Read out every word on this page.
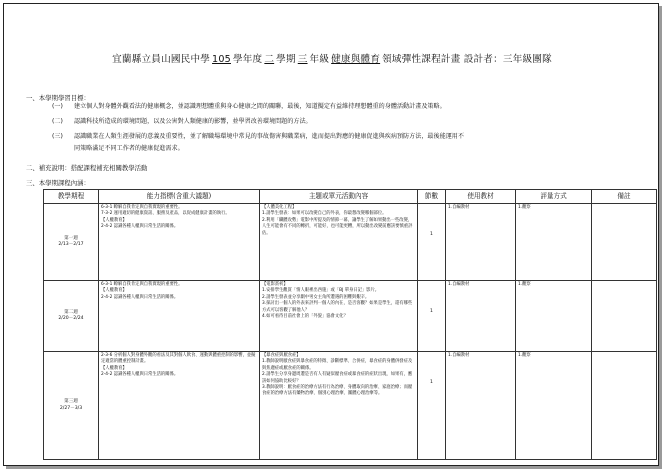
宜蘭縣立員山國民中學 105 學年度 二 學期 三 年級 健康與體育 領域彈性課程計畫 設計者：三年級團隊
一、本學期學習目標：
(一) 建立個人對身體外觀看法的健康概念，並認識理想體重與身心健康之間的關聯，最後，知道擬定有益維持理想體重的身體活動計畫及策略。
(二) 認識科技所造成的環境問題，以及公害對人類健康的影響，並學習改善環境問題的方法。
(三) 認識職業在人類生涯發展的意義及重要性，並了解職場環境中常見的事故傷害與職業病，進而提出對應的健康促進與疾病預防方法，最後能運用不
同策略滿足不同工作者的健康促進需求。
二、補充說明：搭配課程補充相關教學活動
三、本學期課程內涵：
教學期程	能力指標(含重大議題)	主題或單元活動內容	節數	使用教材	評量方式	備註

第一週
2/13－2/17	6-3-1 瞭解自我肯定與自我實現的重要性。
7-3-2 運用適切的健康資訊、服務及產品，以促成健康計畫的執行。
【人權教育】
2-4-2 認識各種人權與日常生活的關係。	【人體美化工程】
1.請學生發表：如果可以改變自己的外表，你最想改變哪個部位。
2.利用「纖體攻勢」電影中所提及的情節一幕，讓學生了解如果動出一些改變，人生可能會有不同的轉折，可能好，也可能更糟，所以動出改變前應該要慎重評估。	1	1.自編教材	1.觀察	

第二週
2/20－2/24	6-3-1 瞭解自我肯定與自我實現的重要性。
【人權教育】
2-4-2 認識各種人權與日常生活的關係。	【電影賞析】
1.安排學生觀賞「情人眼裡出西施」或「BJ 單身日記」影片。
2.請學生發表並分享劇中男女主角所遭遇的困難與艱辛。
3.探討出一個人的外表來評判一個人的內在，是否客觀？如果是學生，還有哪些方式可以客觀了解他人？
4.如可看待目前社會上的「外貌」協會文化？	1	1.自編教材	1.觀察	

第三週
2/27－3/3	2-3-6 分析個人對身體外觀的看法及其對個人飲食、運動與體重控制的影響，並擬定適當的體重控制計畫。
【人權教育】
2-4-2 認識各種人權與日常生活的關係。	【暴食症與厭食症】
1.教師說明厭食症與暴食症的特徵、診斷標準、合併症，暴食症的身體併發症及與焦慮症或厭食症的關係。
2.請學生分享身邊周遭是否有人有疑似厭食症或暴食症的症狀出現，如果有，應該如何協助比較好？
3.教師說明：厭食症的治療方法有行為治療、身體取向的治療、家庭治療；而厭食症的治療方法有藥物治療、個別心理治療、團體心理治療等。	1	1.自編教材	1.觀察	
